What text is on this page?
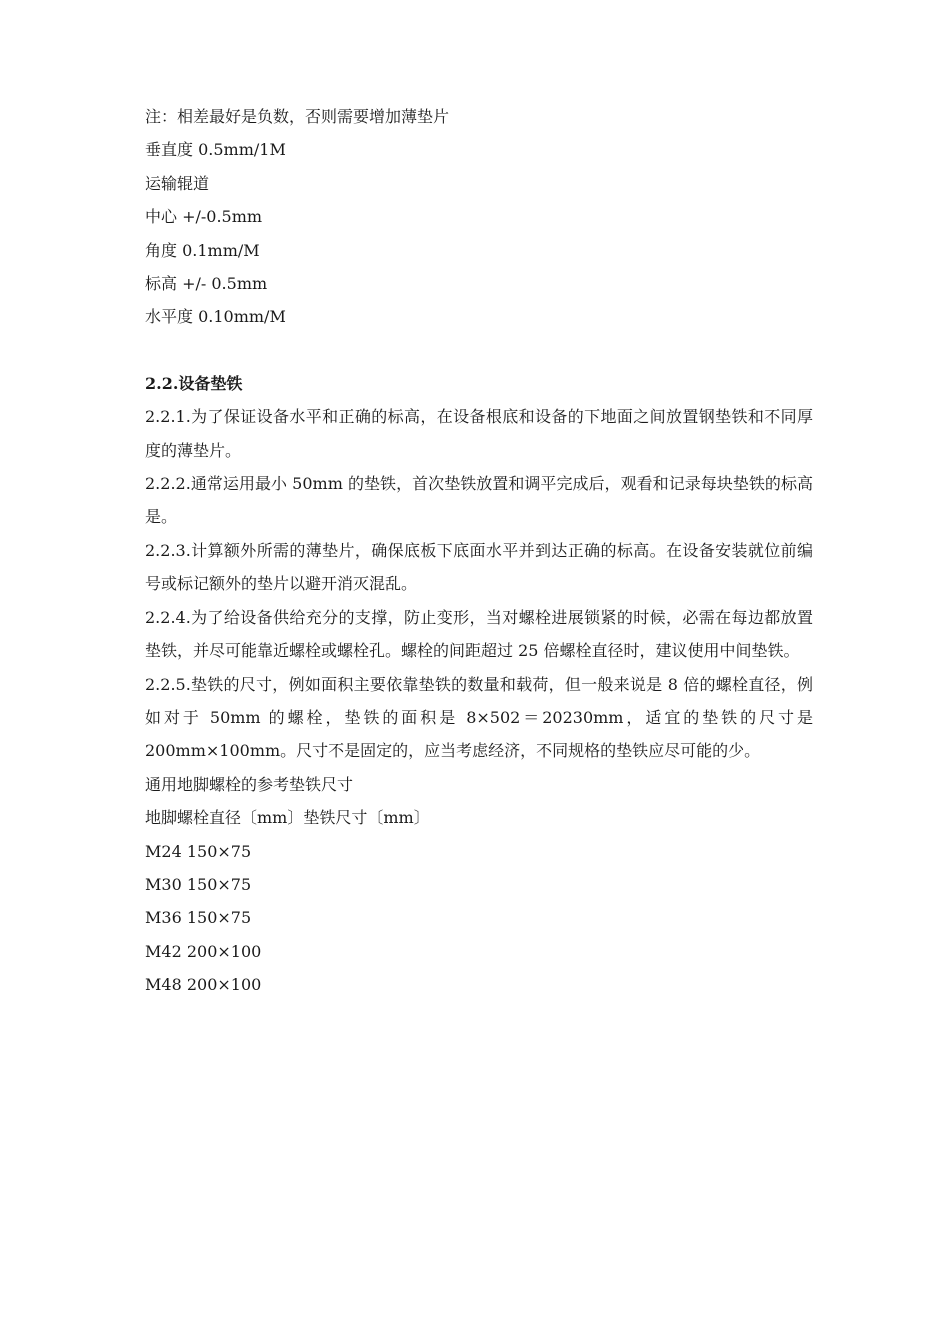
注：相差最好是负数，否则需要增加薄垫片

垂直度 0.5mm/1M

运输辊道

中心 +/-0.5mm

角度 0.1mm/M

标高 +/- 0.5mm

水平度 0.10mm/M

2.2.设备垫铁

2.2.1.为了保证设备水平和正确的标高，在设备根底和设备的下地面之间放置钢垫铁和不同厚度的薄垫片。

2.2.2.通常运用最小 50mm 的垫铁，首次垫铁放置和调平完成后，观看和记录每块垫铁的标高是。

2.2.3.计算额外所需的薄垫片，确保底板下底面水平并到达正确的标高。在设备安装就位前编号或标记额外的垫片以避开消灭混乱。

2.2.4.为了给设备供给充分的支撑，防止变形，当对螺栓进展锁紧的时候，必需在每边都放置垫铁，并尽可能靠近螺栓或螺栓孔。螺栓的间距超过 25 倍螺栓直径时，建议使用中间垫铁。

2.2.5.垫铁的尺寸，例如面积主要依靠垫铁的数量和载荷，但一般来说是 8 倍的螺栓直径，例如对于 50mm 的螺栓，垫铁的面积是 8×502＝20230mm，适宜的垫铁的尺寸是 200mm×100mm。尺寸不是固定的，应当考虑经济，不同规格的垫铁应尽可能的少。

通用地脚螺栓的参考垫铁尺寸

地脚螺栓直径〔mm〕垫铁尺寸〔mm〕

M24 150×75

M30 150×75

M36 150×75

M42 200×100

M48 200×100
